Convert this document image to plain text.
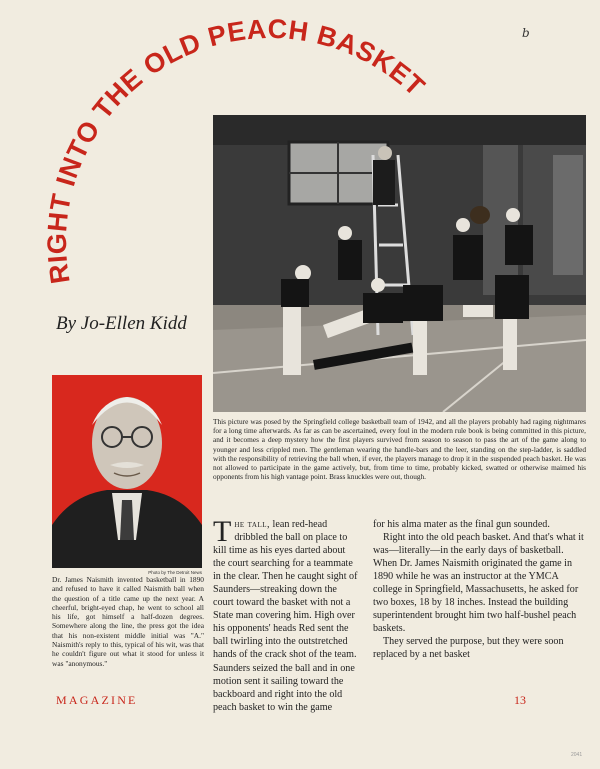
b
RIGHT INTO THE OLD PEACH BASKET

By Jo-Ellen Kidd

This picture was posed by the Springfield college basketball team of 1942, and all the players probably had raging nightmares for a long time afterwards. As far as can be ascertained, every foul in the modern rule book is being committed in this picture, and it becomes a deep mystery how the first players survived from season to season to pass the art of the game along to younger and less crippled men. The gentleman wearing the handle-bars and the leer, standing on the step-ladder, is saddled with the responsibility of retrieving the ball when, if ever, the players manage to drop it in the suspended peach basket. He was not allowed to participate in the game actively, but, from time to time, probably kicked, swatted or otherwise maimed his opponents from his high vantage point. Brass knuckles were out, though.

Photo by The Detroit News

Dr. James Naismith invented basketball in 1890 and refused to have it called Naismith ball when the question of a title came up the next year. A cheerful, bright-eyed chap, he went to school all his life, got himself a half-dozen degrees. Somewhere along the line, the press got the idea that his non-existent middle initial was "A." Naismith's reply to this, typical of his wit, was that he couldn't figure out what it stood for unless it was "anonymous."

The tall, lean red-head dribbled the ball on place to kill time as his eyes darted about the court searching for a teammate in the clear. Then he caught sight of Saunders—streaking down the court toward the basket with not a State man covering him. High over his opponents' heads Red sent the ball twirling into the outstretched hands of the crack shot of the team. Saunders seized the ball and in one motion sent it sailing toward the backboard and right into the old peach basket to win the game

for his alma mater as the final gun sounded.

Right into the old peach basket. And that's what it was—literally—in the early days of basketball. When Dr. James Naismith originated the game in 1890 while he was an instructor at the YMCA college in Springfield, Massachusetts, he asked for two boxes, 18 by 18 inches. Instead the building superintendent brought him two half-bushel peach baskets.

They served the purpose, but they were soon replaced by a net basket

MAGAZINE	13
2041
